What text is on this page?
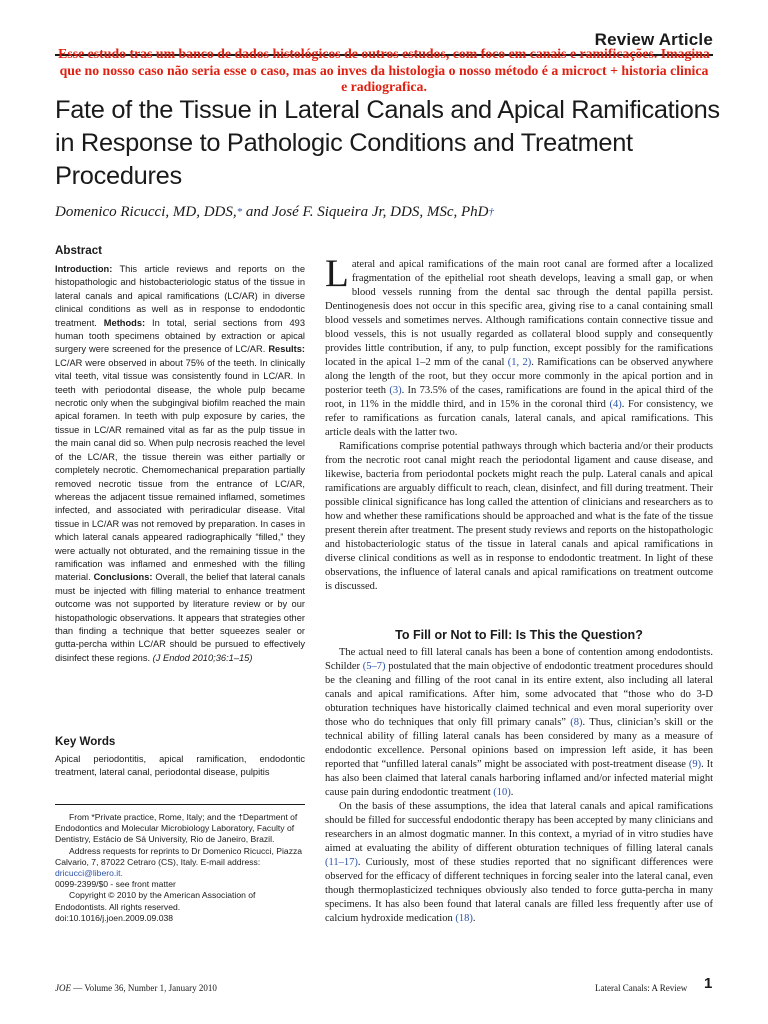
Review Article
Esse estudo tras um banco de dados histológicos de outros estudos, com foco em canais e ramificações. Imagina que no nosso caso não seria esse o caso, mas ao inves da histologia o nosso método é a microct + historia clinica e radiografica.
Fate of the Tissue in Lateral Canals and Apical Ramifications in Response to Pathologic Conditions and Treatment Procedures
Domenico Ricucci, MD, DDS,* and José F. Siqueira Jr, DDS, MSc, PhD†
Abstract
Introduction: This article reviews and reports on the histopathologic and histobacteriologic status of the tissue in lateral canals and apical ramifications (LC/AR) in diverse clinical conditions as well as in response to endodontic treatment. Methods: In total, serial sections from 493 human tooth specimens obtained by extraction or apical surgery were screened for the presence of LC/AR. Results: LC/AR were observed in about 75% of the teeth. In clinically vital teeth, vital tissue was consistently found in LC/AR. In teeth with periodontal disease, the whole pulp became necrotic only when the subgingival biofilm reached the main apical foramen. In teeth with pulp exposure by caries, the tissue in LC/AR remained vital as far as the pulp tissue in the main canal did so. When pulp necrosis reached the level of the LC/AR, the tissue therein was either partially or completely necrotic. Chemomechanical preparation partially removed necrotic tissue from the entrance of LC/AR, whereas the adjacent tissue remained inflamed, sometimes infected, and associated with periradicular disease. Vital tissue in LC/AR was not removed by preparation. In cases in which lateral canals appeared radiographically “filled,” they were actually not obturated, and the remaining tissue in the ramification was inflamed and enmeshed with the filling material. Conclusions: Overall, the belief that lateral canals must be injected with filling material to enhance treatment outcome was not supported by literature review or by our histopathologic observations. It appears that strategies other than finding a technique that better squeezes sealer or gutta-percha within LC/AR should be pursued to effectively disinfect these regions. (J Endod 2010;36:1–15)
Key Words
Apical periodontitis, apical ramification, endodontic treatment, lateral canal, periodontal disease, pulpitis
From *Private practice, Rome, Italy; and the †Department of Endodontics and Molecular Microbiology Laboratory, Faculty of Dentistry, Estácio de Sá University, Rio de Janeiro, Brazil.
Address requests for reprints to Dr Domenico Ricucci, Piazza Calvario, 7, 87022 Cetraro (CS), Italy. E-mail address:
dricucci@libero.it.
0099-2399/$0 - see front matter
Copyright © 2010 by the American Association of Endodontists. All rights reserved.
doi:10.1016/j.joen.2009.09.038

Lateral and apical ramifications of the main root canal are formed after a localized fragmentation of the epithelial root sheath develops, leaving a small gap, or when blood vessels running from the dental sac through the dental papilla persist. Dentinogenesis does not occur in this specific area, giving rise to a canal containing small blood vessels and sometimes nerves. Although ramifications contain connective tissue and blood vessels, this is not usually regarded as collateral blood supply and consequently provides little contribution, if any, to pulp function, except possibly for the ramifications located in the apical 1–2 mm of the canal (1, 2). Ramifications can be observed anywhere along the length of the root, but they occur more commonly in the apical portion and in posterior teeth (3). In 73.5% of the cases, ramifications are found in the apical third of the root, in 11% in the middle third, and in 15% in the coronal third (4). For consistency, we refer to ramifications as furcation canals, lateral canals, and apical ramifications. This article deals with the latter two.

Ramifications comprise potential pathways through which bacteria and/or their products from the necrotic root canal might reach the periodontal ligament and cause disease, and likewise, bacteria from periodontal pockets might reach the pulp. Lateral canals and apical ramifications are arguably difficult to reach, clean, disinfect, and fill during treatment. Their possible clinical significance has long called the attention of clinicians and researchers as to how and whether these ramifications should be approached and what is the fate of the tissue present therein after treatment. The present study reviews and reports on the histopathologic and histobacteriologic status of the tissue in lateral canals and apical ramifications in diverse clinical conditions as well as in response to endodontic treatment. In light of these observations, the influence of lateral canals and apical ramifications on treatment outcome is discussed.

To Fill or Not to Fill: Is This the Question?

The actual need to fill lateral canals has been a bone of contention among endodontists. Schilder (5–7) postulated that the main objective of endodontic treatment procedures should be the cleaning and filling of the root canal in its entire extent, also including all lateral canals and apical ramifications. After him, some advocated that “those who do 3-D obturation techniques have historically claimed technical and even moral superiority over those who do techniques that only fill primary canals” (8). Thus, clinician’s skill or the technical ability of filling lateral canals has been considered by many as a measure of endodontic excellence. Personal opinions based on impression left aside, it has been reported that “unfilled lateral canals” might be associated with post-treatment disease (9). It has also been claimed that lateral canals harboring inflamed and/or infected material might cause pain during endodontic treatment (10).

On the basis of these assumptions, the idea that lateral canals and apical ramifications should be filled for successful endodontic therapy has been accepted by many clinicians and researchers in an almost dogmatic manner. In this context, a myriad of in vitro studies have aimed at evaluating the ability of different obturation techniques of filling lateral canals (11–17). Curiously, most of these studies reported that no significant differences were observed for the efficacy of different techniques in forcing sealer into the lateral canal, even though thermoplasticized techniques obviously also tended to force gutta-percha in many specimens. It has also been found that lateral canals are filled less frequently after use of calcium hydroxide medication (18).

JOE — Volume 36, Number 1, January 2010	Lateral Canals: A Review 1
